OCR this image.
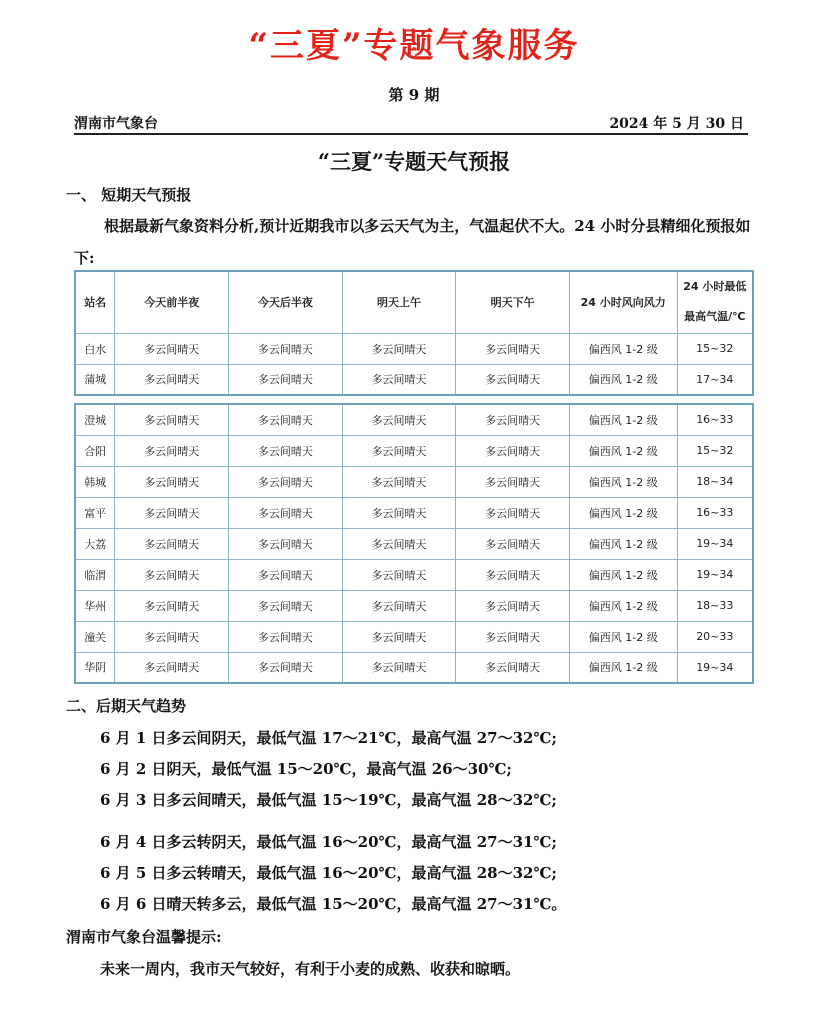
“三夏”专题气象服务
第 9 期
渭南市气象台	2024 年 5 月 30 日
“三夏”专题天气预报
一、 短期天气预报
根据最新气象资料分析,预计近期我市以多云天气为主，气温起伏不大。24 小时分县精细化预报如下:
站名	今天前半夜	今天后半夜	明天上午	明天下午	24 小时风向风力	24 小时最低
最高气温/℃

白水	多云间晴天	多云间晴天	多云间晴天	多云间晴天	偏西风 1-2 级	15~32
蒲城	多云间晴天	多云间晴天	多云间晴天	多云间晴天	偏西风 1-2 级	17~34
澄城	多云间晴天	多云间晴天	多云间晴天	多云间晴天	偏西风 1-2 级	16~33
合阳	多云间晴天	多云间晴天	多云间晴天	多云间晴天	偏西风 1-2 级	15~32
韩城	多云间晴天	多云间晴天	多云间晴天	多云间晴天	偏西风 1-2 级	18~34
富平	多云间晴天	多云间晴天	多云间晴天	多云间晴天	偏西风 1-2 级	16~33
大荔	多云间晴天	多云间晴天	多云间晴天	多云间晴天	偏西风 1-2 级	19~34
临渭	多云间晴天	多云间晴天	多云间晴天	多云间晴天	偏西风 1-2 级	19~34
华州	多云间晴天	多云间晴天	多云间晴天	多云间晴天	偏西风 1-2 级	18~33
潼关	多云间晴天	多云间晴天	多云间晴天	多云间晴天	偏西风 1-2 级	20~33
华阴	多云间晴天	多云间晴天	多云间晴天	多云间晴天	偏西风 1-2 级	19~34
二、后期天气趋势
6 月 1 日多云间阴天，最低气温 17～21℃，最高气温 27～32℃;
6 月 2 日阴天，最低气温 15～20℃，最高气温 26～30℃;
6 月 3 日多云间晴天，最低气温 15～19℃，最高气温 28～32℃;
6 月 4 日多云转阴天，最低气温 16～20℃，最高气温 27～31℃;
6 月 5 日多云转晴天，最低气温 16～20℃，最高气温 28～32℃;
6 月 6 日晴天转多云，最低气温 15～20℃，最高气温 27～31℃。
渭南市气象台温馨提示:
未来一周内，我市天气较好，有利于小麦的成熟、收获和晾晒。
